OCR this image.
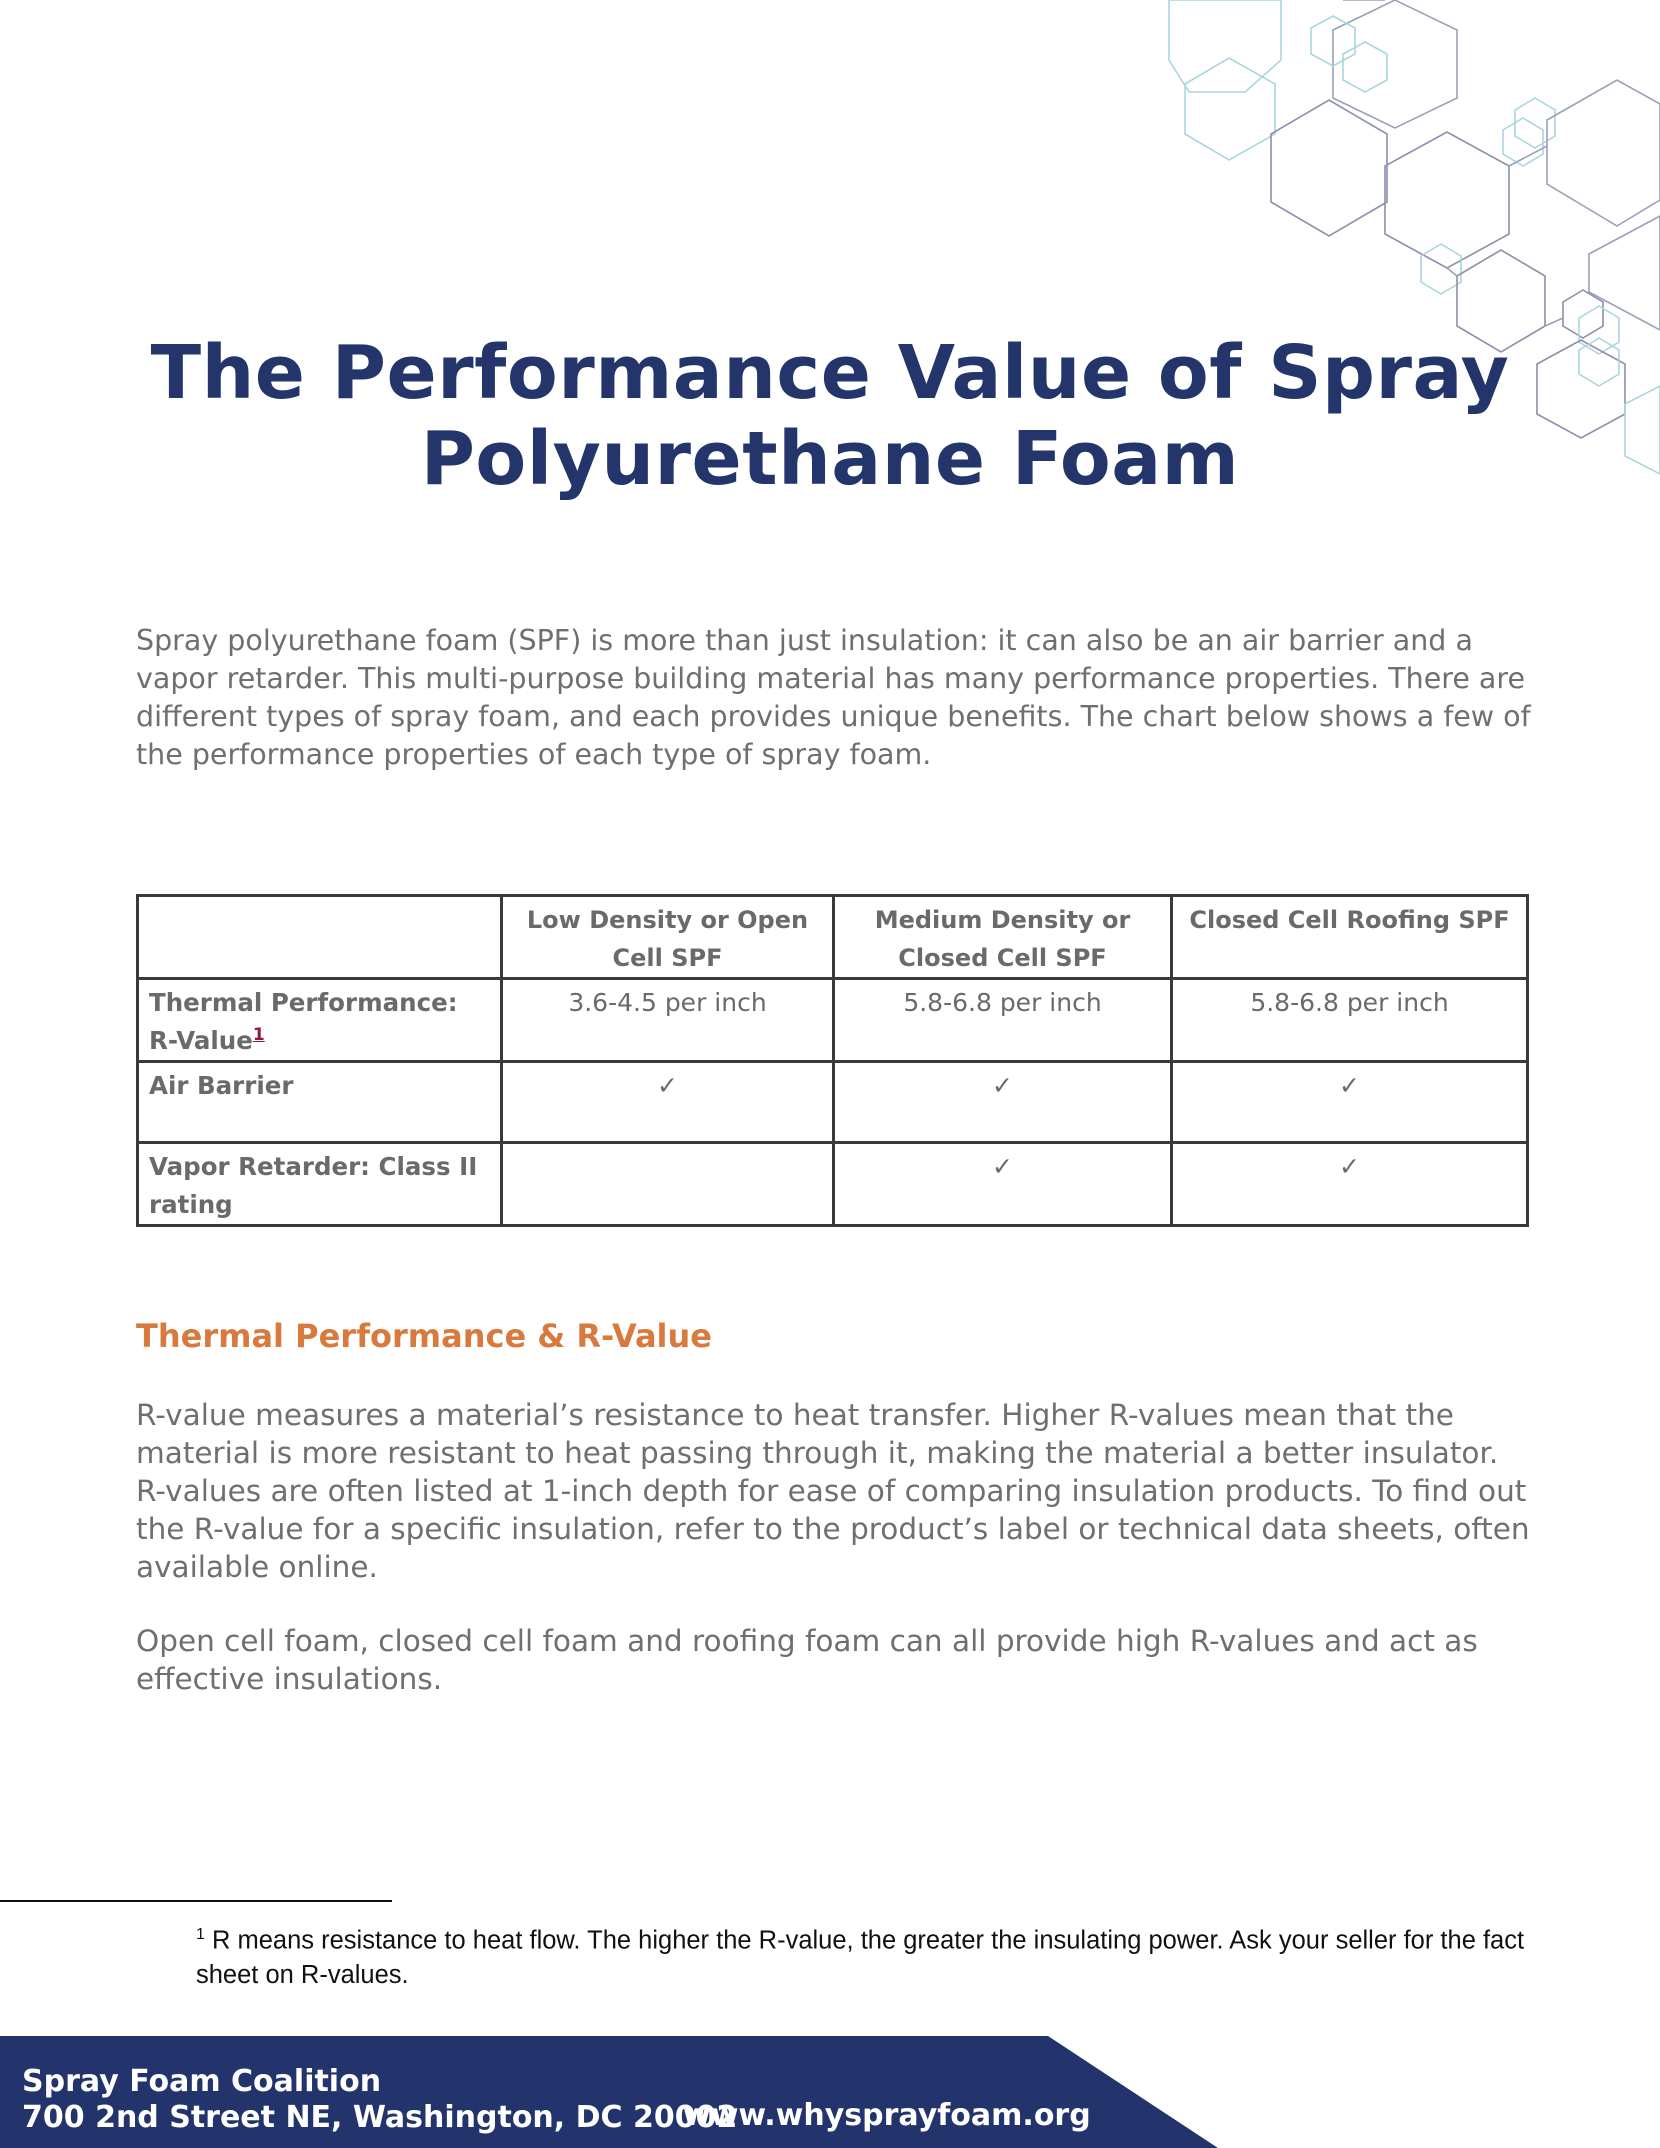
The Performance Value of Spray
Polyurethane Foam

Spray polyurethane foam (SPF) is more than just insulation: it can also be an air barrier and a vapor retarder. This multi-purpose building material has many performance properties. There are different types of spray foam, and each provides unique benefits. The chart below shows a few of the performance properties of each type of spray foam.

	Low Density or Open Cell SPF	Medium Density or Closed Cell SPF	Closed Cell Roofing SPF
Thermal Performance: R-Value$^1$	3.6-4.5 per inch	5.8-6.8 per inch	5.8-6.8 per inch
Air Barrier	✓	✓	✓
Vapor Retarder: Class II rating		✓	✓
Thermal Performance & R-Value

R-value measures a material’s resistance to heat transfer. Higher R-values mean that the material is more resistant to heat passing through it, making the material a better insulator. R-values are often listed at 1-inch depth for ease of comparing insulation products. To find out the R-value for a specific insulation, refer to the product’s label or technical data sheets, often available online.

Open cell foam, closed cell foam and roofing foam can all provide high R-values and act as effective insulations.

$^1$ R means resistance to heat flow. The higher the R-value, the greater the insulating power. Ask your seller for the fact sheet on R-values.

Spray Foam Coalition

700 2nd Street NE, Washington, DC 20002

www.whysprayfoam.org
